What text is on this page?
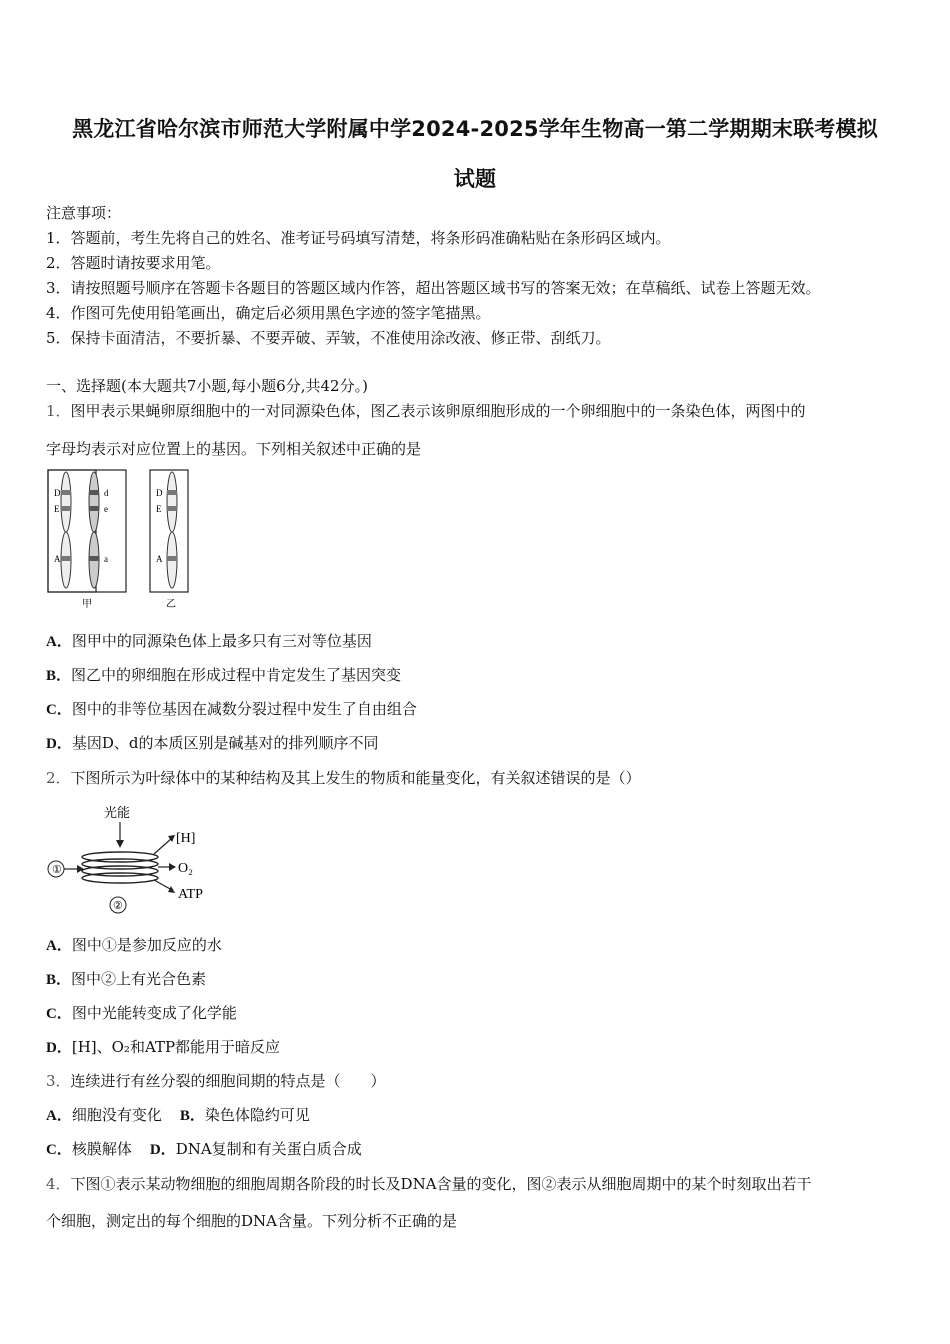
黑龙江省哈尔滨市师范大学附属中学2024-2025学年生物高一第二学期期末联考模拟
试题
注意事项：
1．答题前，考生先将自己的姓名、准考证号码填写清楚，将条形码准确粘贴在条形码区域内。
2．答题时请按要求用笔。
3．请按照题号顺序在答题卡各题目的答题区域内作答，超出答题区域书写的答案无效；在草稿纸、试卷上答题无效。
4．作图可先使用铅笔画出，确定后必须用黑色字迹的签字笔描黑。
5．保持卡面清洁，不要折暴、不要弄破、弄皱，不准使用涂改液、修正带、刮纸刀。
一、选择题(本大题共7小题,每小题6分,共42分。)
1．图甲表示果蝇卵原细胞中的一对同源染色体，图乙表示该卵原细胞形成的一个卵细胞中的一条染色体，两图中的
字母均表示对应位置上的基因。下列相关叙述中正确的是
D
E
A
d
e
a
甲
D
E
A
乙
A．图甲中的同源染色体上最多只有三对等位基因
B．图乙中的卵细胞在形成过程中肯定发生了基因突变
C．图中的非等位基因在减数分裂过程中发生了自由组合
D．基因D、d的本质区别是碱基对的排列顺序不同
2．下图所示为叶绿体中的某种结构及其上发生的物质和能量变化，有关叙述错误的是（）
光能
①
[H]
O₂
ATP
②
A．图中①是参加反应的水
B．图中②上有光合色素
C．图中光能转变成了化学能
D．[H]、O₂和ATP都能用于暗反应
3．连续进行有丝分裂的细胞间期的特点是（　　）
A．细胞没有变化 B．染色体隐约可见
C．核膜解体 D．DNA复制和有关蛋白质合成
4．下图①表示某动物细胞的细胞周期各阶段的时长及DNA含量的变化，图②表示从细胞周期中的某个时刻取出若干
个细胞，测定出的每个细胞的DNA含量。下列分析不正确的是
